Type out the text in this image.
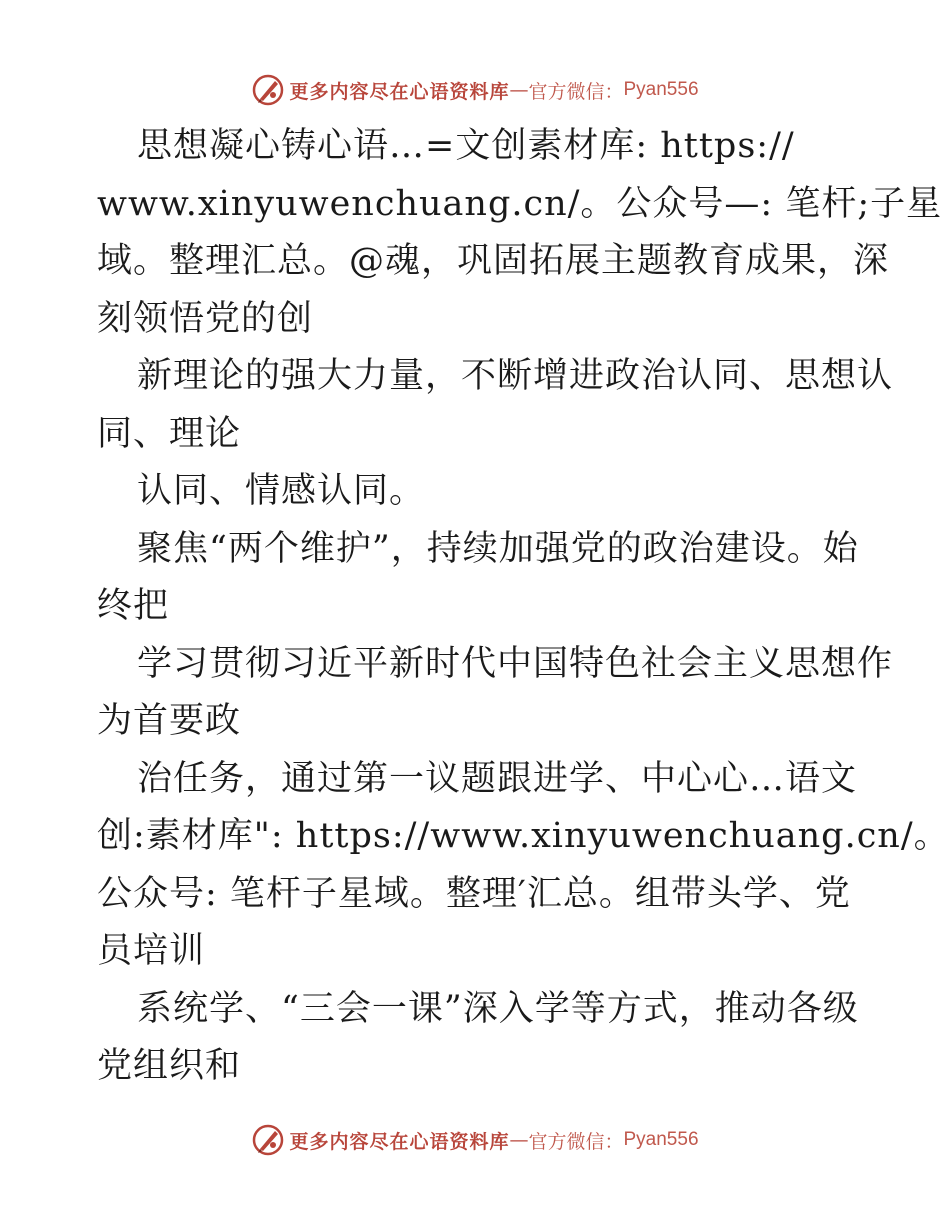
更多内容尽在心语资料库 — 官方微信： Pyan556
思想凝心铸心语…=文创素材库: https://
www.xinyuwenchuang.cn/。公众号—: 笔杆;子星
域。整理汇总。@魂，巩固拓展主题教育成果，深
刻领悟党的创
新理论的强大力量，不断增进政治认同、思想认
同、理论
认同、情感认同。
聚焦“两个维护”，持续加强党的政治建设。始
终把
学习贯彻习近平新时代中国特色社会主义思想作
为首要政
治任务，通过第一议题跟进学、中心心…语文
创:素材库": https://www.xinyuwenchuang.cn/。
公众号: 笔杆子星域。整理′汇总。组带头学、党
员培训
系统学、“三会一课”深入学等方式，推动各级
党组织和
更多内容尽在心语资料库 — 官方微信： Pyan556
